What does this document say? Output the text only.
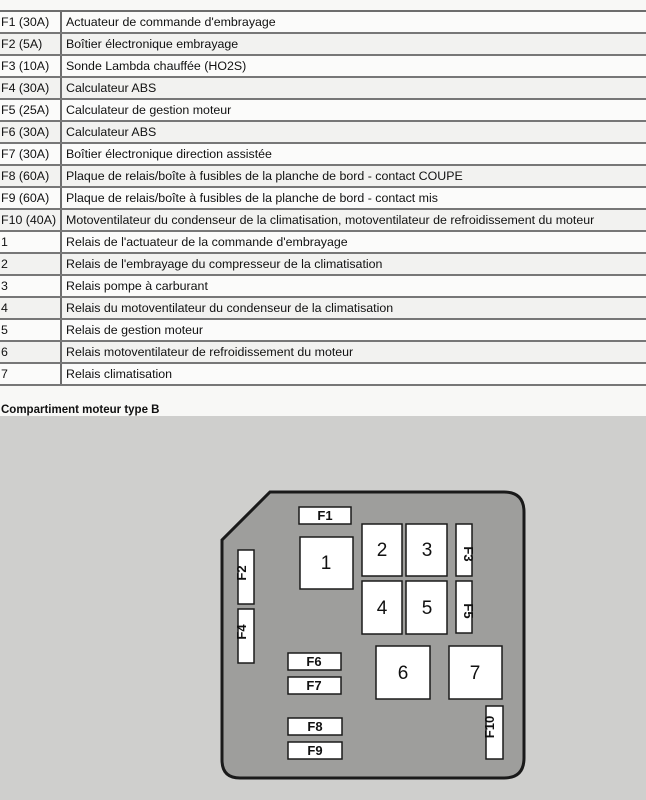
F1 (30A)	Actuateur de commande d'embrayage
F2 (5A)	Boîtier électronique embrayage
F3 (10A)	Sonde Lambda chauffée (HO2S)
F4 (30A)	Calculateur ABS
F5 (25A)	Calculateur de gestion moteur
F6 (30A)	Calculateur ABS
F7 (30A)	Boîtier électronique direction assistée
F8 (60A)	Plaque de relais/boîte à fusibles de la planche de bord - contact COUPE
F9 (60A)	Plaque de relais/boîte à fusibles de la planche de bord - contact mis
F10 (40A) Motoventilateur du condenseur de la climatisation, motoventilateur de refroidissement du moteur
1	Relais de l'actuateur de la commande d'embrayage
2	Relais de l'embrayage du compresseur de la climatisation
3	Relais pompe à carburant
4	Relais du motoventilateur du condenseur de la climatisation
5	Relais de gestion moteur
6	Relais motoventilateur de refroidissement du moteur
7	Relais climatisation
Compartiment moteur type B
F1
1
2 3
4 5
F3
F5
F2
F4
F6
F7
6	7
F8
F9
F10
